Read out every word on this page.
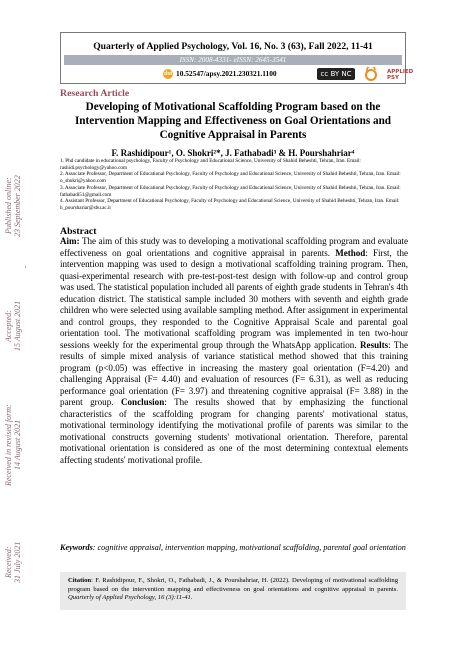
Published online:
23 September 2022
Accepted:
15 August 2021
Received in revised form:
14 August 2021
Received:
31 July 2021
Quarterly of Applied Psychology, Vol. 16, No. 3 (63), Fall 2022, 11-41
ISSN: 2008-4331- eISSN: 2645-3541
doi 10.52547/apsy.2021.230321.1100	cc BY NC	APPLIED PSY
Research Article
Developing of Motivational Scaffolding Program based on the Intervention Mapping and Effectiveness on Goal Orientations and Cognitive Appraisal in Parents
F. Rashidipour¹, O. Shokri²*, J. Fathabadi³ & H. Pourshahriar⁴
1. Phd candidate in educational psychology, Faculty of Psychology and Educational Science, University of Shahid Beheshti, Tehran, Iran. Email: rashidi.psychology@yahoo.com
2. Associate Professor, Department of Educational Psychology, Faculty of Psychology and Educational Science, University of Shahid Beheshti, Tehran, Iran. Email: o_shokri@yahoo.com
3. Associate Professor, Department of Educational Psychology, Faculty of Psychology and Educational Science, University of Shahid Beheshti, Tehran, Iran. Email: fathabadi51@gmail.com
4. Assistant Professor, Department of Educational Psychology, Faculty of Psychology and Educational Science, University of Shahid Beheshti, Tehran, Iran. Email: h_pourshariar@sbu.ac.ir
Abstract
Aim: The aim of this study was to developing a motivational scaffolding program and evaluate effectiveness on goal orientations and cognitive appraisal in parents. Method: First, the intervention mapping was used to design a motivational scaffolding training program. Then, quasi-experimental research with pre-test-post-test design with follow-up and control group was used. The statistical population included all parents of eighth grade students in Tehran's 4th education district. The statistical sample included 30 mothers with seventh and eighth grade children who were selected using available sampling method. After assignment in experimental and control groups, they responded to the Cognitive Appraisal Scale and parental goal orientation tool. The motivational scaffolding program was implemented in ten two-hour sessions weekly for the experimental group through the WhatsApp application. Results: The results of simple mixed analysis of variance statistical method showed that this training program (p<0.05) was effective in increasing the mastery goal orientation (F=4.20) and challenging Appraisal (F= 4.40) and evaluation of resources (F= 6.31), as well as reducing performance goal orientation (F= 3.97) and threatening cognitive appraisal (F= 3.88) in the parent group. Conclusion: The results showed that by emphasizing the functional characteristics of the scaffolding program for changing parents' motivational status, motivational terminology identifying the motivational profile of parents was similar to the motivational constructs governing students' motivational orientation. Therefore, parental motivational orientation is considered as one of the most determining contextual elements affecting students' motivational profile.
Keywords: cognitive appraisal, intervention mapping, motivational scaffolding, parental goal orientation
Citation: F. Rashidipour, F., Shokri, O., Fathabadi, J., & Pourshahriar, H. (2022). Developing of motivational scaffolding program based on the intervention mapping and effectiveness on goal orientations and cognitive appraisal in parents. Quarterly of Applied Psychology, 16 (3):11-41.
